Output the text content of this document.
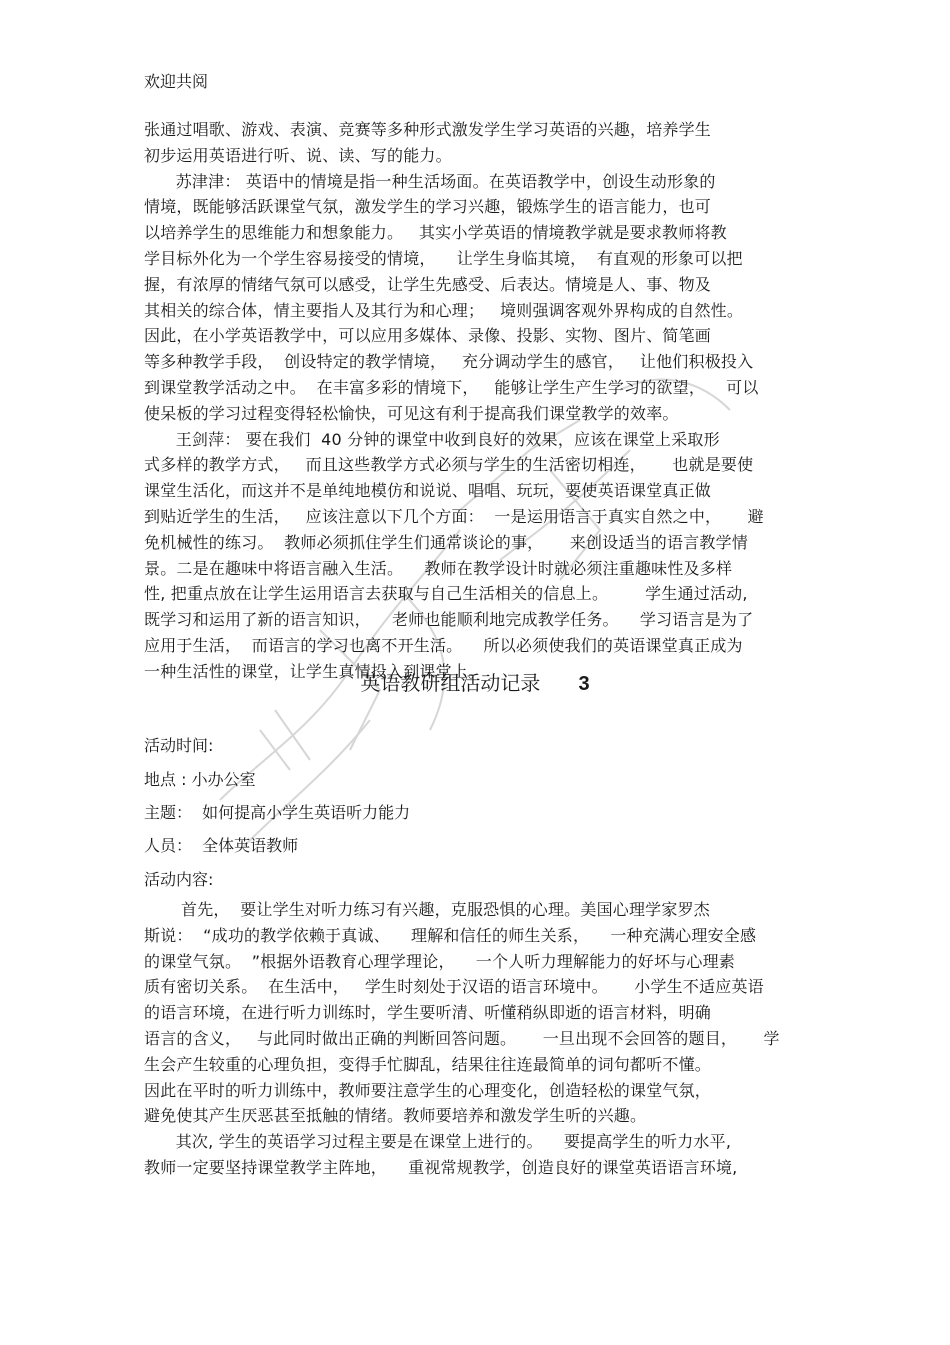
欢迎共阅
张通过唱歌、游戏、表演、竞赛等多种形式激发学生学习英语的兴趣，培养学生
初步运用英语进行听、说、读、写的能力。
苏津津： 英语中的情境是指一种生活场面。在英语教学中，创设生动形象的
情境，既能够活跃课堂气氛，激发学生的学习兴趣，锻炼学生的语言能力，也可
以培养学生的思维能力和想象能力。   其实小学英语的情境教学就是要求教师将教
学目标外化为一个学生容易接受的情境，    让学生身临其境，  有直观的形象可以把
握，有浓厚的情绪气氛可以感受，让学生先感受、后表达。情境是人、事、物及
其相关的综合体，情主要指人及其行为和心理；   境则强调客观外界构成的自然性。
因此，在小学英语教学中，可以应用多媒体、录像、投影、实物、图片、简笔画
等多种教学手段，  创设特定的教学情境，   充分调动学生的感官，   让他们积极投入
到课堂教学活动之中。  在丰富多彩的情境下，   能够让学生产生学习的欲望，    可以
使呆板的学习过程变得轻松愉快，可见这有利于提高我们课堂教学的效率。
王剑萍： 要在我们  40 分钟的课堂中收到良好的效果，应该在课堂上采取形
式多样的教学方式，   而且这些教学方式必须与学生的生活密切相连，     也就是要使
课堂生活化，而这并不是单纯地模仿和说说、唱唱、玩玩，要使英语课堂真正做
到贴近学生的生活，   应该注意以下几个方面：  一是运用语言于真实自然之中，     避
免机械性的练习。  教师必须抓住学生们通常谈论的事，     来创设适当的语言教学情
景。二是在趣味中将语言融入生活。    教师在教学设计时就必须注重趣味性及多样
性, 把重点放在让学生运用语言去获取与自己生活相关的信息上。       学生通过活动,
既学习和运用了新的语言知识，    老师也能顺利地完成教学任务。    学习语言是为了
应用于生活，  而语言的学习也离不开生活。    所以必须使我们的英语课堂真正成为
一种生活性的课堂，让学生真情投入到课堂上。
英语教研组活动记录 3
活动时间:
地点 : 小办公室
主题：  如何提高小学生英语听力能力
人员：  全体英语教师
活动内容:
首先，  要让学生对听力练习有兴趣，克服恐惧的心理。美国心理学家罗杰
斯说：  “成功的教学依赖于真诚、    理解和信任的师生关系，    一种充满心理安全感
的课堂气氛。  ”根据外语教育心理学理论，    一个人听力理解能力的好坏与心理素
质有密切关系。  在生活中，   学生时刻处于汉语的语言环境中。     小学生不适应英语
的语言环境，在进行听力训练时，学生要听清、听懂稍纵即逝的语言材料，明确
语言的含义，   与此同时做出正确的判断回答问题。     一旦出现不会回答的题目，     学
生会产生较重的心理负担，变得手忙脚乱，结果往往连最简单的词句都听不懂。
因此在平时的听力训练中，教师要注意学生的心理变化，创造轻松的课堂气氛，
避免使其产生厌恶甚至抵触的情绪。教师要培养和激发学生听的兴趣。
其次, 学生的英语学习过程主要是在课堂上进行的。    要提高学生的听力水平,
教师一定要坚持课堂教学主阵地，    重视常规教学，创造良好的课堂英语语言环境,
